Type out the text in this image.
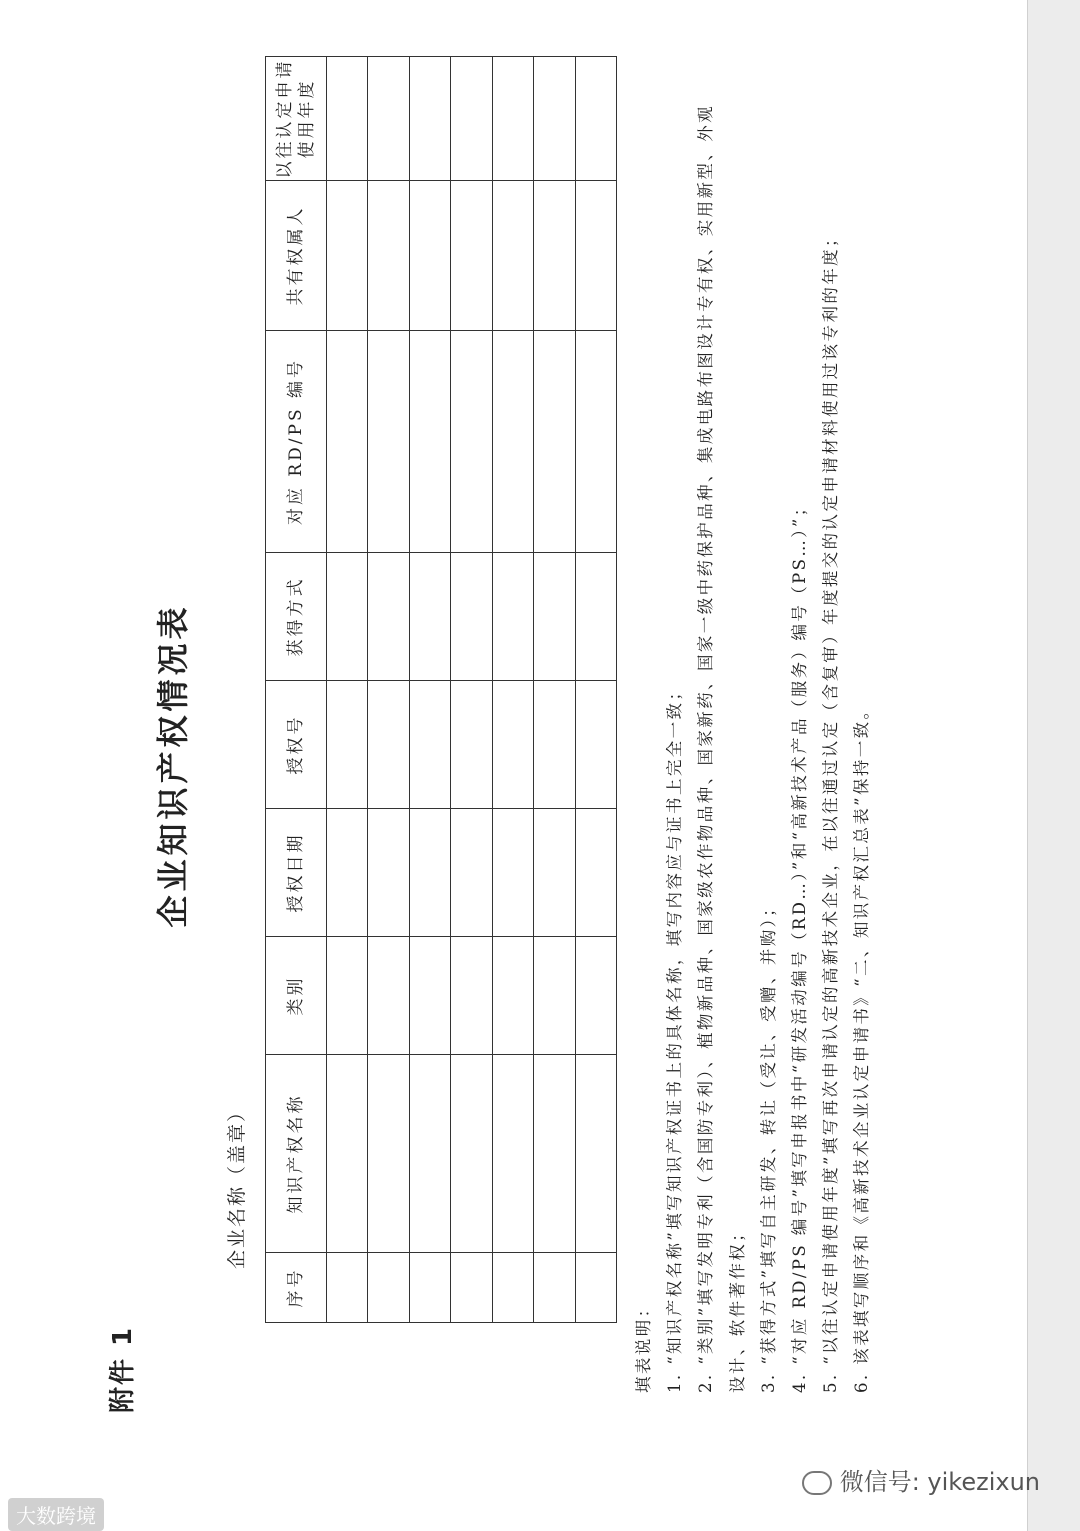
附件 1
企业知识产权情况表
企业名称（盖章）
序号	知识产权名称	类别	授权日期	授权号	获得方式	对应 RD/PS 编号	共有权属人	以往认定申请使用年度

填表说明： 1. “知识产权名称”填写知识产权证书上的具体名称，填写内容应与证书上完全一致； 2. “类别”填写发明专利（含国防专利）、植物新品种、国家级农作物品种、国家新药、国家一级中药保护品种、集成电路布图设计专有权、实用新型、外观 设计、软件著作权； 3. “获得方式”填写自主研发、转让（受让、受赠、并购）； 4. “对应 RD/PS 编号”填写申报书中“研发活动编号（RD…）”和“高新技术产品（服务）编号（PS…）”； 5. “以往认定申请使用年度”填写再次申请认定的高新技术企业，在以往通过认定（含复审）年度提交的认定申请材料使用过该专利的年度； 6. 该表填写顺序和《高新技术企业认定申请书》“二、知识产权汇总表”保持一致。
微信号: yikezixun
大数跨境
